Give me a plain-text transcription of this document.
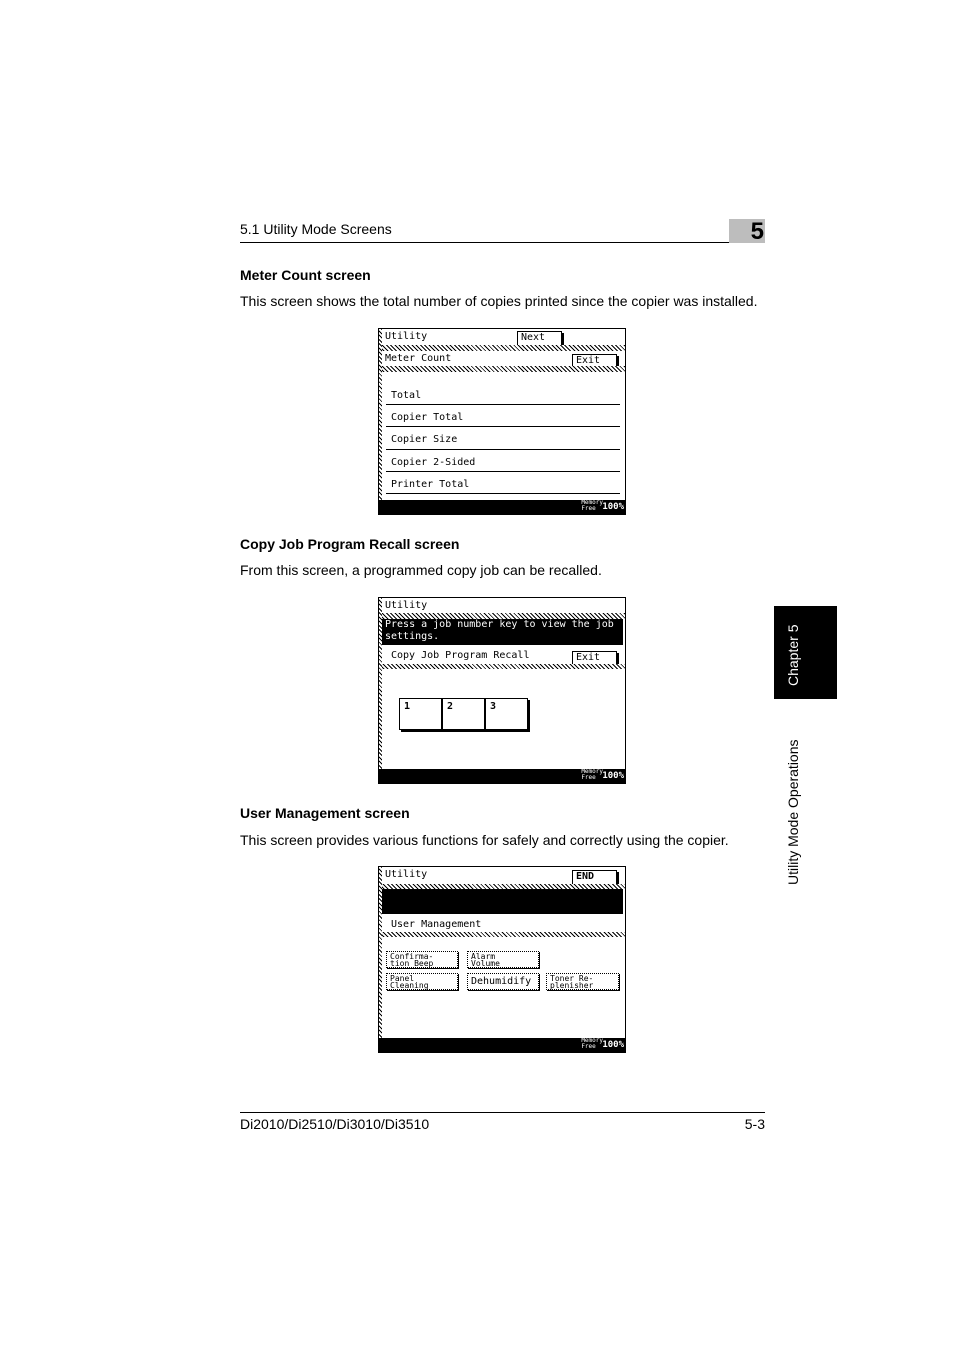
5.1 Utility Mode Screens	5
Meter Count screen

This screen shows the total number of copies printed since the copier was installed.

Utility	Next
Meter Count	Exit
Total
Copier Total
Copier Size
Copier 2-Sided
Printer Total
Memory
Free 100%
Copy Job Program Recall screen

From this screen, a programmed copy job can be recalled.

Utility
Press a job number key to view the job
settings.
Copy Job Program Recall	Exit
1	2	3
Memory
Free 100%
User Management screen

This screen provides various functions for safely and correctly using the copier.

Utility	END
User Management
Confirma-
tion Beep
Alarm
Volume
Panel
Cleaning	Dehumidify	Toner Re-
plenisher
Memory
Free 100%
Chapter 5
Utility Mode Operations
Di2010/Di2510/Di3010/Di3510	5-3
